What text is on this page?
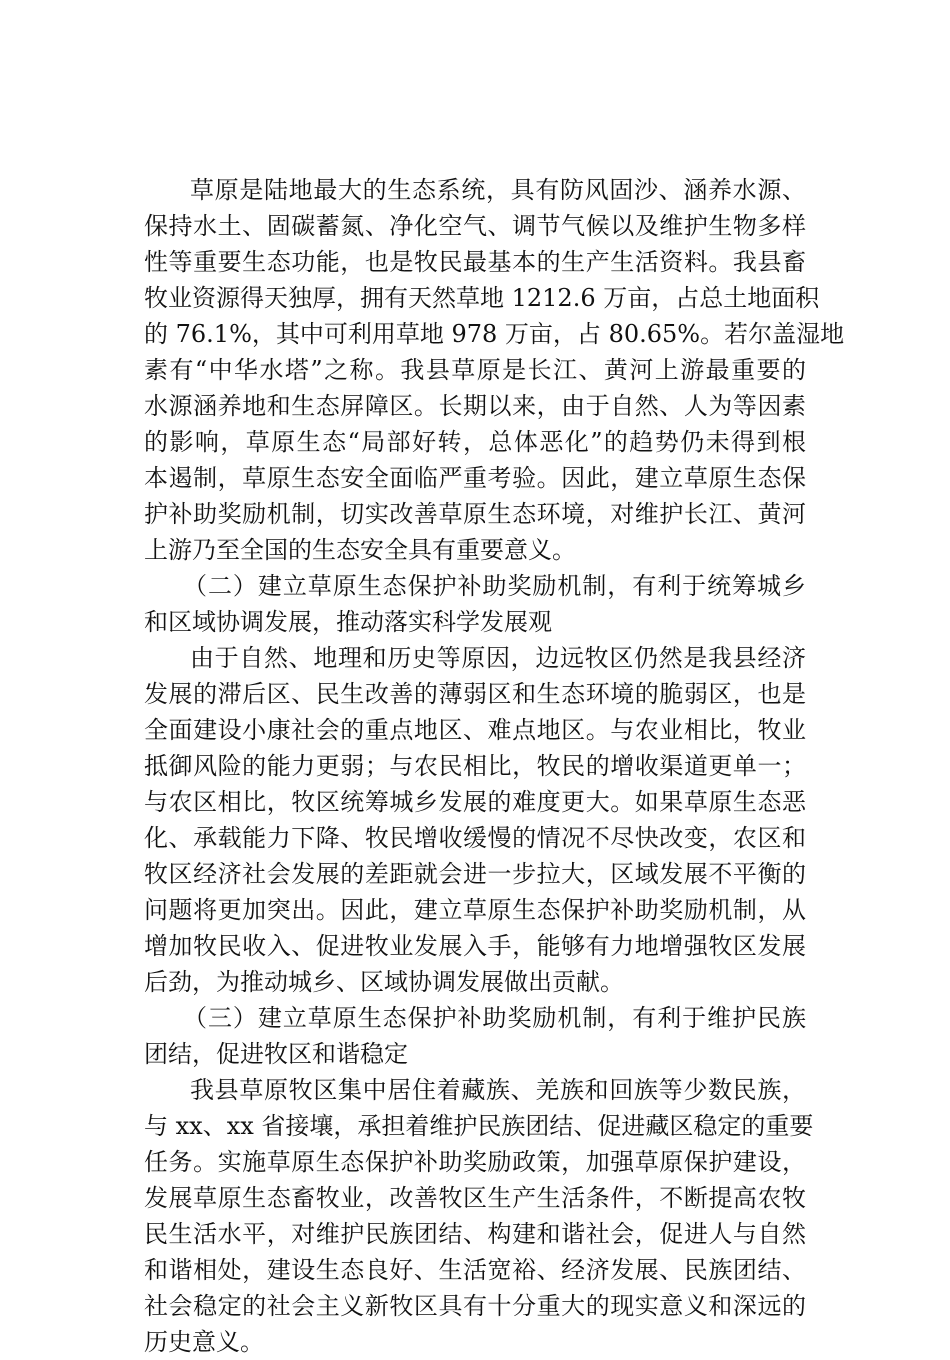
草原是陆地最大的生态系统，具有防风固沙、涵养水源、
保持水土、固碳蓄氮、净化空气、调节气候以及维护生物多样
性等重要生态功能，也是牧民最基本的生产生活资料。我县畜
牧业资源得天独厚，拥有天然草地 1212.6 万亩，占总土地面积
的 76.1%，其中可利用草地 978 万亩，占 80.65%。若尔盖湿地
素有“中华水塔”之称。我县草原是长江、黄河上游最重要的
水源涵养地和生态屏障区。长期以来，由于自然、人为等因素
的影响，草原生态“局部好转，总体恶化”的趋势仍未得到根
本遏制，草原生态安全面临严重考验。因此，建立草原生态保
护补助奖励机制，切实改善草原生态环境，对维护长江、黄河
上游乃至全国的生态安全具有重要意义。
（二）建立草原生态保护补助奖励机制，有利于统筹城乡
和区域协调发展，推动落实科学发展观
由于自然、地理和历史等原因，边远牧区仍然是我县经济
发展的滞后区、民生改善的薄弱区和生态环境的脆弱区，也是
全面建设小康社会的重点地区、难点地区。与农业相比，牧业
抵御风险的能力更弱；与农民相比，牧民的增收渠道更单一；
与农区相比，牧区统筹城乡发展的难度更大。如果草原生态恶
化、承载能力下降、牧民增收缓慢的情况不尽快改变，农区和
牧区经济社会发展的差距就会进一步拉大，区域发展不平衡的
问题将更加突出。因此，建立草原生态保护补助奖励机制，从
增加牧民收入、促进牧业发展入手，能够有力地增强牧区发展
后劲，为推动城乡、区域协调发展做出贡献。
（三）建立草原生态保护补助奖励机制，有利于维护民族
团结，促进牧区和谐稳定
我县草原牧区集中居住着藏族、羌族和回族等少数民族，
与 xx、xx 省接壤，承担着维护民族团结、促进藏区稳定的重要
任务。实施草原生态保护补助奖励政策，加强草原保护建设，
发展草原生态畜牧业，改善牧区生产生活条件，不断提高农牧
民生活水平，对维护民族团结、构建和谐社会，促进人与自然
和谐相处，建设生态良好、生活宽裕、经济发展、民族团结、
社会稳定的社会主义新牧区具有十分重大的现实意义和深远的
历史意义。
